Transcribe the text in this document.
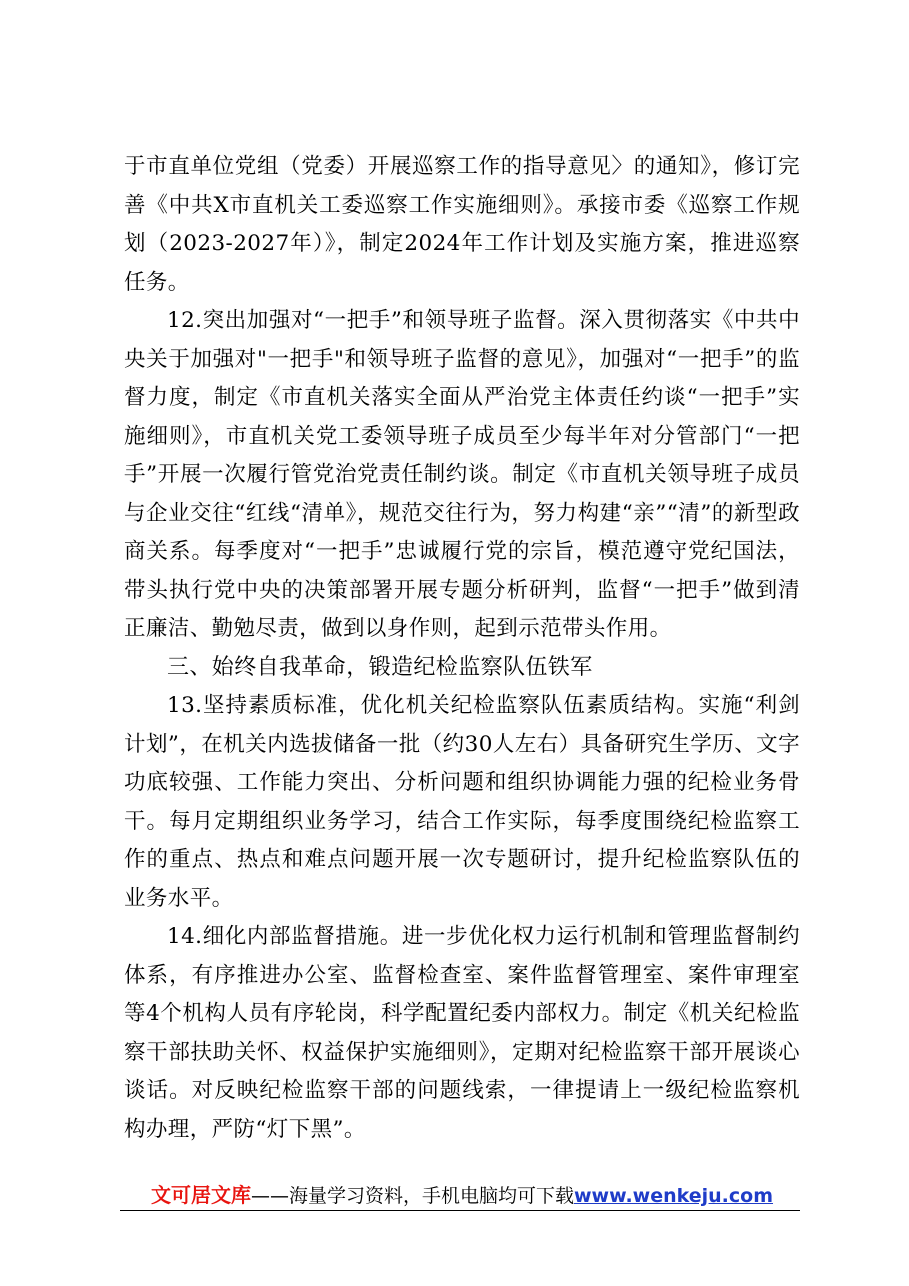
于市直单位党组（党委）开展巡察工作的指导意见〉的通知》，修订完善《中共X市直机关工委巡察工作实施细则》。承接市委《巡察工作规划（2023-2027年）》，制定2024年工作计划及实施方案，推进巡察任务。

12.突出加强对“一把手”和领导班子监督。深入贯彻落实《中共中央关于加强对"一把手"和领导班子监督的意见》，加强对“一把手”的监督力度，制定《市直机关落实全面从严治党主体责任约谈“一把手”实施细则》，市直机关党工委领导班子成员至少每半年对分管部门“一把手”开展一次履行管党治党责任制约谈。制定《市直机关领导班子成员与企业交往“红线“清单》，规范交往行为，努力构建“亲”“清”的新型政商关系。每季度对“一把手”忠诚履行党的宗旨，模范遵守党纪国法，带头执行党中央的决策部署开展专题分析研判，监督“一把手”做到清正廉洁、勤勉尽责，做到以身作则，起到示范带头作用。

三、始终自我革命，锻造纪检监察队伍铁军

13.坚持素质标准，优化机关纪检监察队伍素质结构。实施“利剑计划”，在机关内选拔储备一批（约30人左右）具备研究生学历、文字功底较强、工作能力突出、分析问题和组织协调能力强的纪检业务骨干。每月定期组织业务学习，结合工作实际，每季度围绕纪检监察工作的重点、热点和难点问题开展一次专题研讨，提升纪检监察队伍的业务水平。

14.细化内部监督措施。进一步优化权力运行机制和管理监督制约体系，有序推进办公室、监督检查室、案件监督管理室、案件审理室等4个机构人员有序轮岗，科学配置纪委内部权力。制定《机关纪检监察干部扶助关怀、权益保护实施细则》，定期对纪检监察干部开展谈心谈话。对反映纪检监察干部的问题线索，一律提请上一级纪检监察机构办理，严防“灯下黑”。

文可居文库——海量学习资料，手机电脑均可下载www.wenkeju.com
